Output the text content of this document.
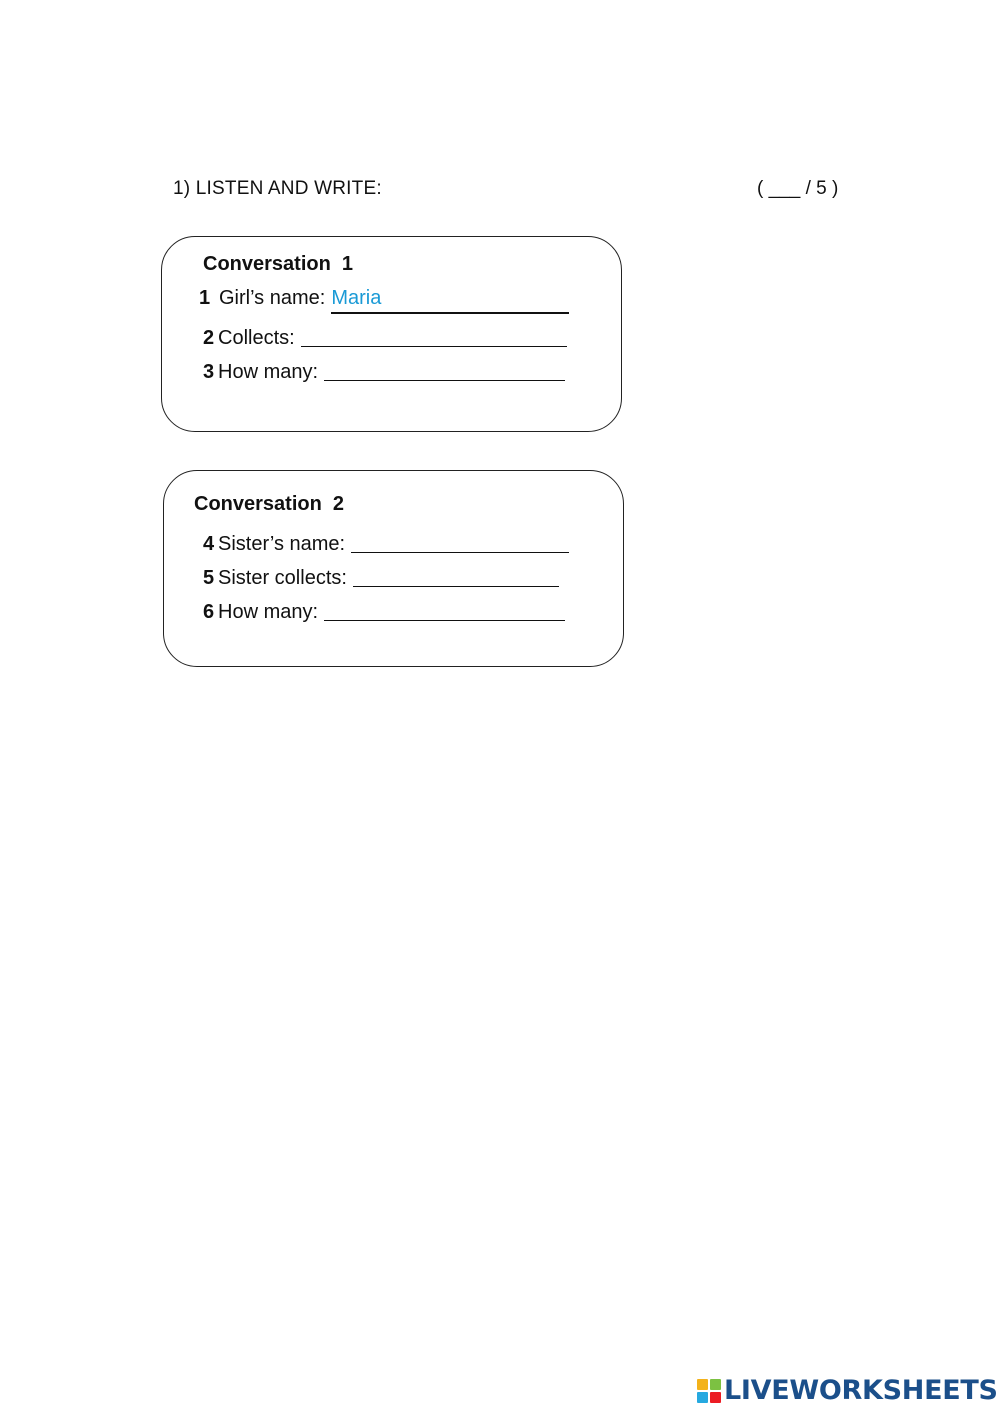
1) LISTEN AND WRITE:	( ___ / 5 )
Conversation  1
1 Girl’s name: Maria
2 Collects:
3 How many:
Conversation  2
4 Sister’s name:
5 Sister collects:
6 How many:
LIVEWORKSHEETS
